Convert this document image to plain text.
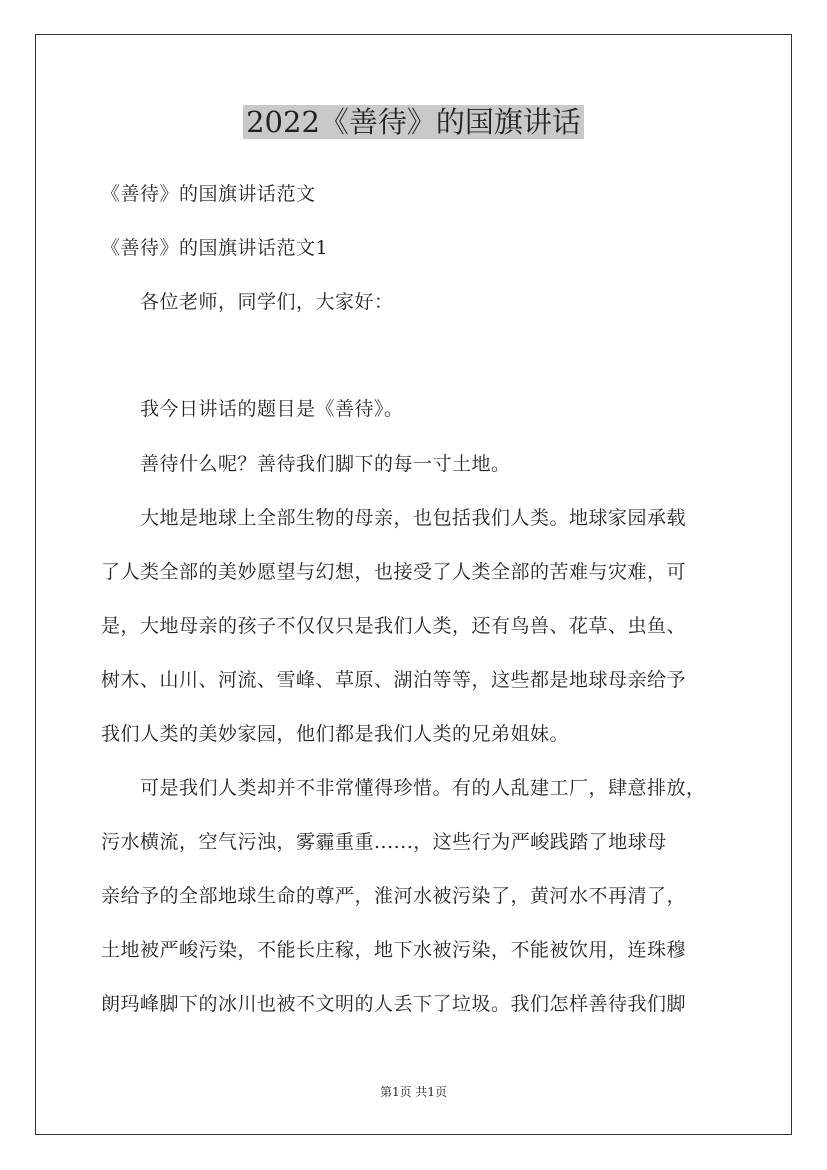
2022《善待》的国旗讲话

《善待》的国旗讲话范文

《善待》的国旗讲话范文1

　　各位老师，同学们，大家好：

　　我今日讲话的题目是《善待》。

　　善待什么呢？善待我们脚下的每一寸土地。

　　大地是地球上全部生物的母亲，也包括我们人类。地球家园承载

了人类全部的美妙愿望与幻想，也接受了人类全部的苦难与灾难，可

是，大地母亲的孩子不仅仅只是我们人类，还有鸟兽、花草、虫鱼、

树木、山川、河流、雪峰、草原、湖泊等等，这些都是地球母亲给予

我们人类的美妙家园，他们都是我们人类的兄弟姐妹。

　　可是我们人类却并不非常懂得珍惜。有的人乱建工厂，肆意排放，

污水横流，空气污浊，雾霾重重......，这些行为严峻践踏了地球母

亲给予的全部地球生命的尊严，淮河水被污染了，黄河水不再清了，

土地被严峻污染，不能长庄稼，地下水被污染，不能被饮用，连珠穆

朗玛峰脚下的冰川也被不文明的人丢下了垃圾。我们怎样善待我们脚

第1页 共1页
